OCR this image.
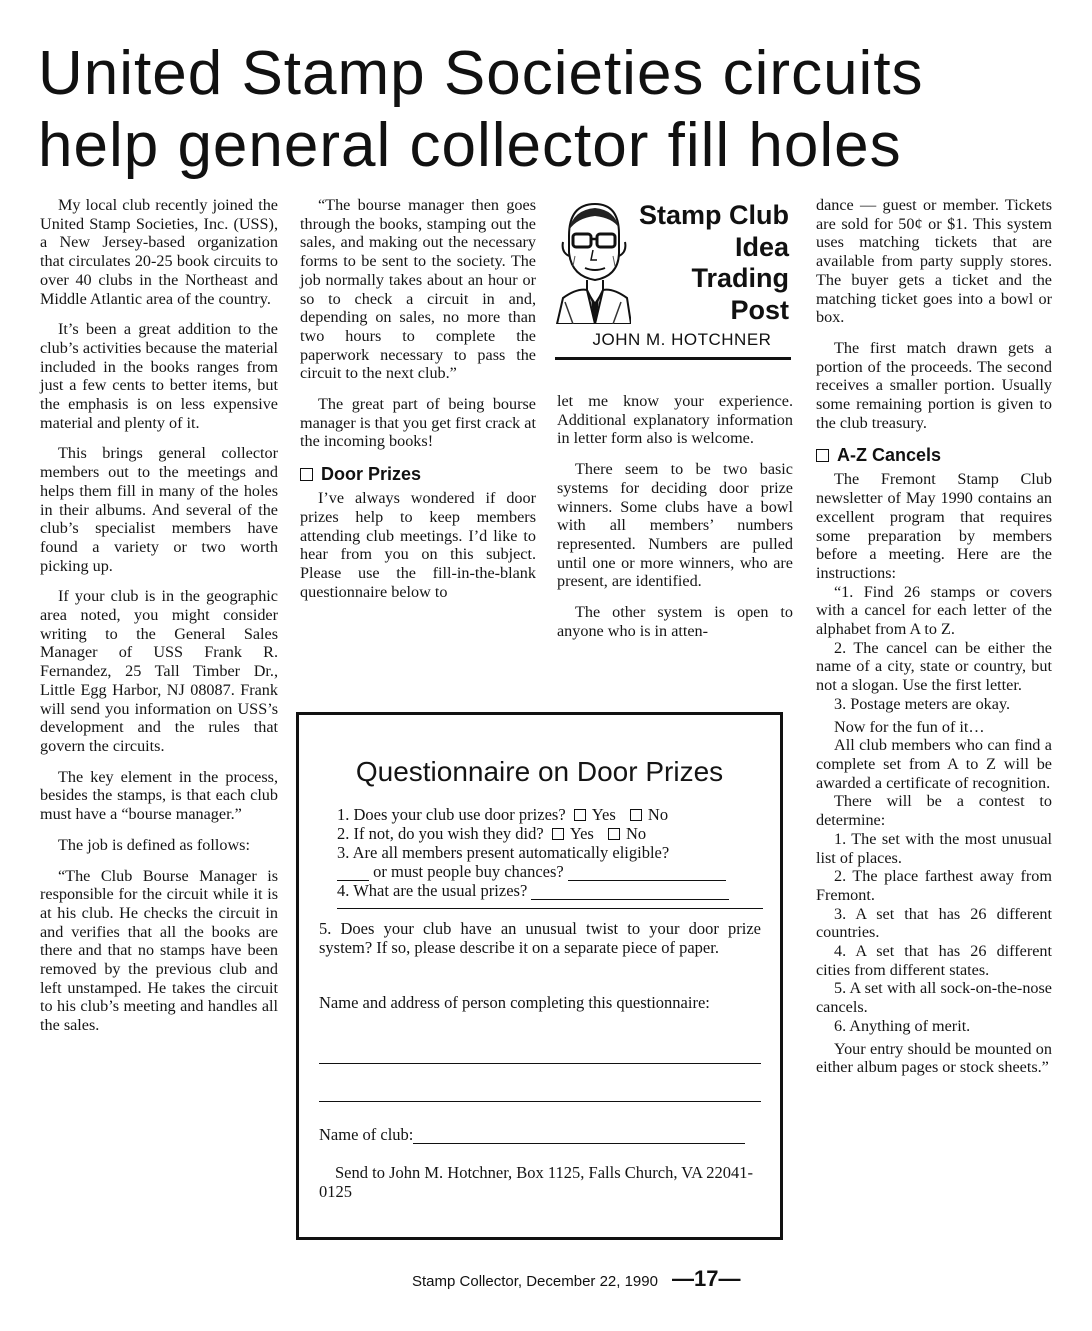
United Stamp Societies circuits
help general collector fill holes

My local club recently joined the United Stamp Societies, Inc. (USS), a New Jersey-based organization that circulates 20-25 book circuits to over 40 clubs in the Northeast and Middle Atlantic area of the country.

It’s been a great addition to the club’s activities because the material included in the books ranges from just a few cents to better items, but the emphasis is on less expensive material and plenty of it.

This brings general collector members out to the meetings and helps them fill in many of the holes in their albums. And several of the club’s specialist members have found a variety or two worth picking up.

If your club is in the geographic area noted, you might consider writing to the General Sales Manager of USS Frank R. Fernandez, 25 Tall Timber Dr., Little Egg Harbor, NJ 08087. Frank will send you information on USS’s development and the rules that govern the circuits.

The key element in the process, besides the stamps, is that each club must have a “bourse manager.”

The job is defined as follows:

“The Club Bourse Manager is responsible for the circuit while it is at his club. He checks the circuit in and verifies that all the books are there and that no stamps have been removed by the previous club and left unstamped. He takes the circuit to his club’s meeting and handles all the sales.

“The bourse manager then goes through the books, stamping out the sales, and making out the necessary forms to be sent to the society. The job normally takes about an hour or so to check a circuit in and, depending on sales, no more than two hours to complete the paperwork necessary to pass the circuit to the next club.”

The great part of being bourse manager is that you get first crack at the incoming books!

Door Prizes

I’ve always wondered if door prizes help to keep members attending club meetings. I’d like to hear from you on this subject. Please use the fill-in-the-blank questionnaire below to

Stamp Club
Idea
Trading
Post
JOHN M. HOTCHNER

let me know your experience. Additional explanatory information in letter form also is welcome.

There seem to be two basic systems for deciding door prize winners. Some clubs have a bowl with all members’ numbers represented. Numbers are pulled until one or more winners, who are present, are identified.

The other system is open to anyone who is in atten-

dance — guest or member. Tickets are sold for 50¢ or $1. This system uses matching tickets that are available from party supply stores. The buyer gets a ticket and the matching ticket goes into a bowl or box.

The first match drawn gets a portion of the proceeds. The second receives a smaller portion. Usually some remaining portion is given to the club treasury.

A-Z Cancels

The Fremont Stamp Club newsletter of May 1990 contains an excellent program that requires some preparation by members before a meeting. Here are the instructions:

“1. Find 26 stamps or covers with a cancel for each letter of the alphabet from A to Z.

2. The cancel can be either the name of a city, state or country, but not a slogan. Use the first letter.

3. Postage meters are okay.

Now for the fun of it…

All club members who can find a complete set from A to Z will be awarded a certificate of recognition.

There will be a contest to determine:

1. The set with the most unusual list of places.

2. The place farthest away from Fremont.

3. A set that has 26 different countries.

4. A set that has 26 different cities from different states.

5. A set with all sock-on-the-nose cancels.

6. Anything of merit.

Your entry should be mounted on either album pages or stock sheets.”

Questionnaire on Door Prizes
1. Does your club use door prizes? Yes No
2. If not, do you wish they did? Yes No
3. Are all members present automatically eligible?
or must people buy chances?
4. What are the usual prizes?
5. Does your club have an unusual twist to your door prize system? If so, please describe it on a separate piece of paper.
Name and address of person completing this questionnaire:
Name of club:
Send to John M. Hotchner, Box 1125, Falls Church, VA 22041-0125
Stamp Collector, December 22, 1990 —17—
